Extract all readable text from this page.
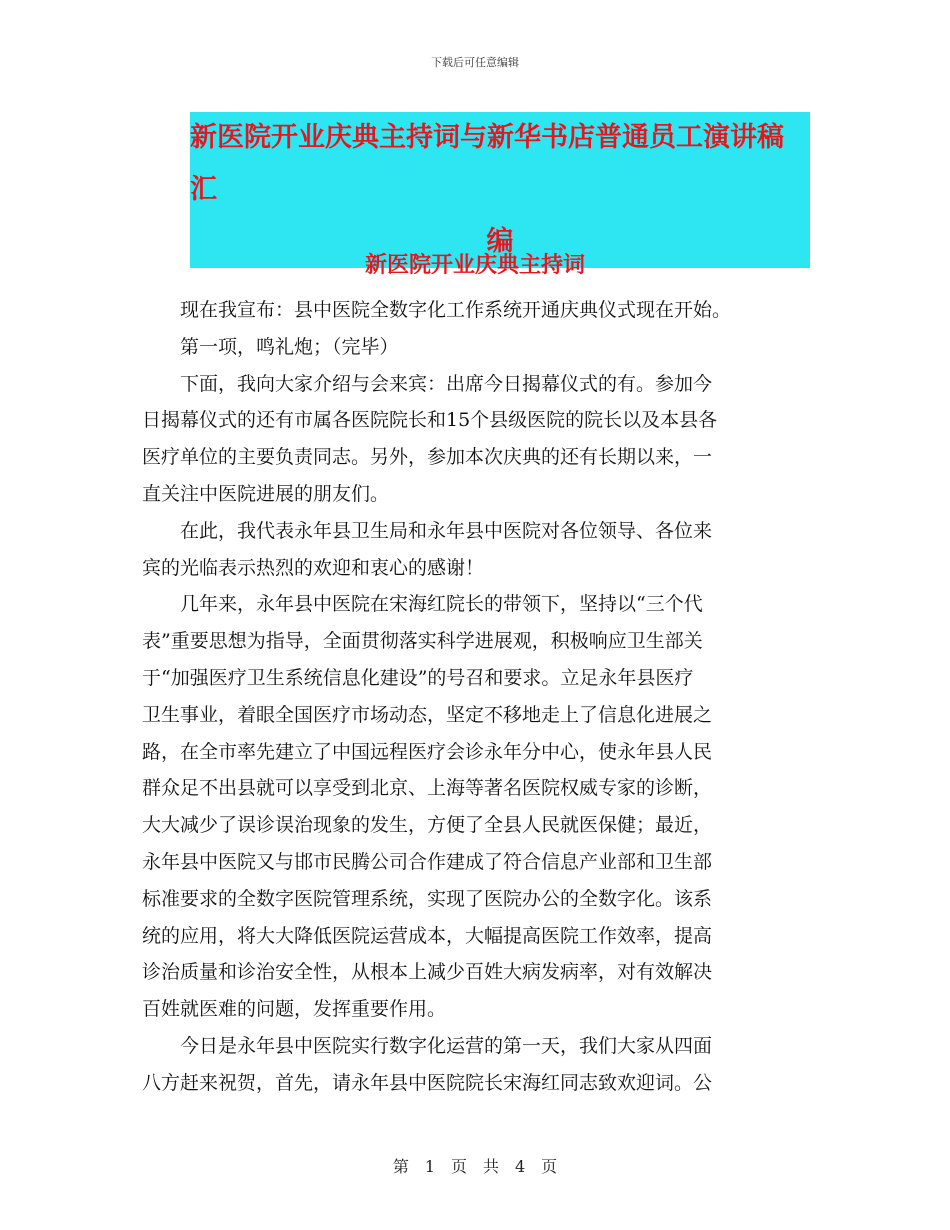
下载后可任意编辑
新医院开业庆典主持词与新华书店普通员工演讲稿汇
编
新医院开业庆典主持词
　　现在我宣布：县中医院全数字化工作系统开通庆典仪式现在开始。
　　第一项，鸣礼炮；（完毕）
　　下面，我向大家介绍与会来宾：出席今日揭幕仪式的有。参加今
日揭幕仪式的还有市属各医院院长和15个县级医院的院长以及本县各
医疗单位的主要负责同志。另外，参加本次庆典的还有长期以来，一
直关注中医院进展的朋友们。
　　在此，我代表永年县卫生局和永年县中医院对各位领导、各位来
宾的光临表示热烈的欢迎和衷心的感谢！
　　几年来，永年县中医院在宋海红院长的带领下，坚持以“三个代
表”重要思想为指导，全面贯彻落实科学进展观，积极响应卫生部关
于“加强医疗卫生系统信息化建设”的号召和要求。立足永年县医疗
卫生事业，着眼全国医疗市场动态，坚定不移地走上了信息化进展之
路，在全市率先建立了中国远程医疗会诊永年分中心，使永年县人民
群众足不出县就可以享受到北京、上海等著名医院权威专家的诊断，
大大减少了误诊误治现象的发生，方便了全县人民就医保健；最近，
永年县中医院又与邯市民腾公司合作建成了符合信息产业部和卫生部
标准要求的全数字医院管理系统，实现了医院办公的全数字化。该系
统的应用，将大大降低医院运营成本，大幅提高医院工作效率，提高
诊治质量和诊治安全性，从根本上减少百姓大病发病率，对有效解决
百姓就医难的问题，发挥重要作用。
　　今日是永年县中医院实行数字化运营的第一天，我们大家从四面
八方赶来祝贺，首先，请永年县中医院院长宋海红同志致欢迎词。公
第　1　页　共　4　页
